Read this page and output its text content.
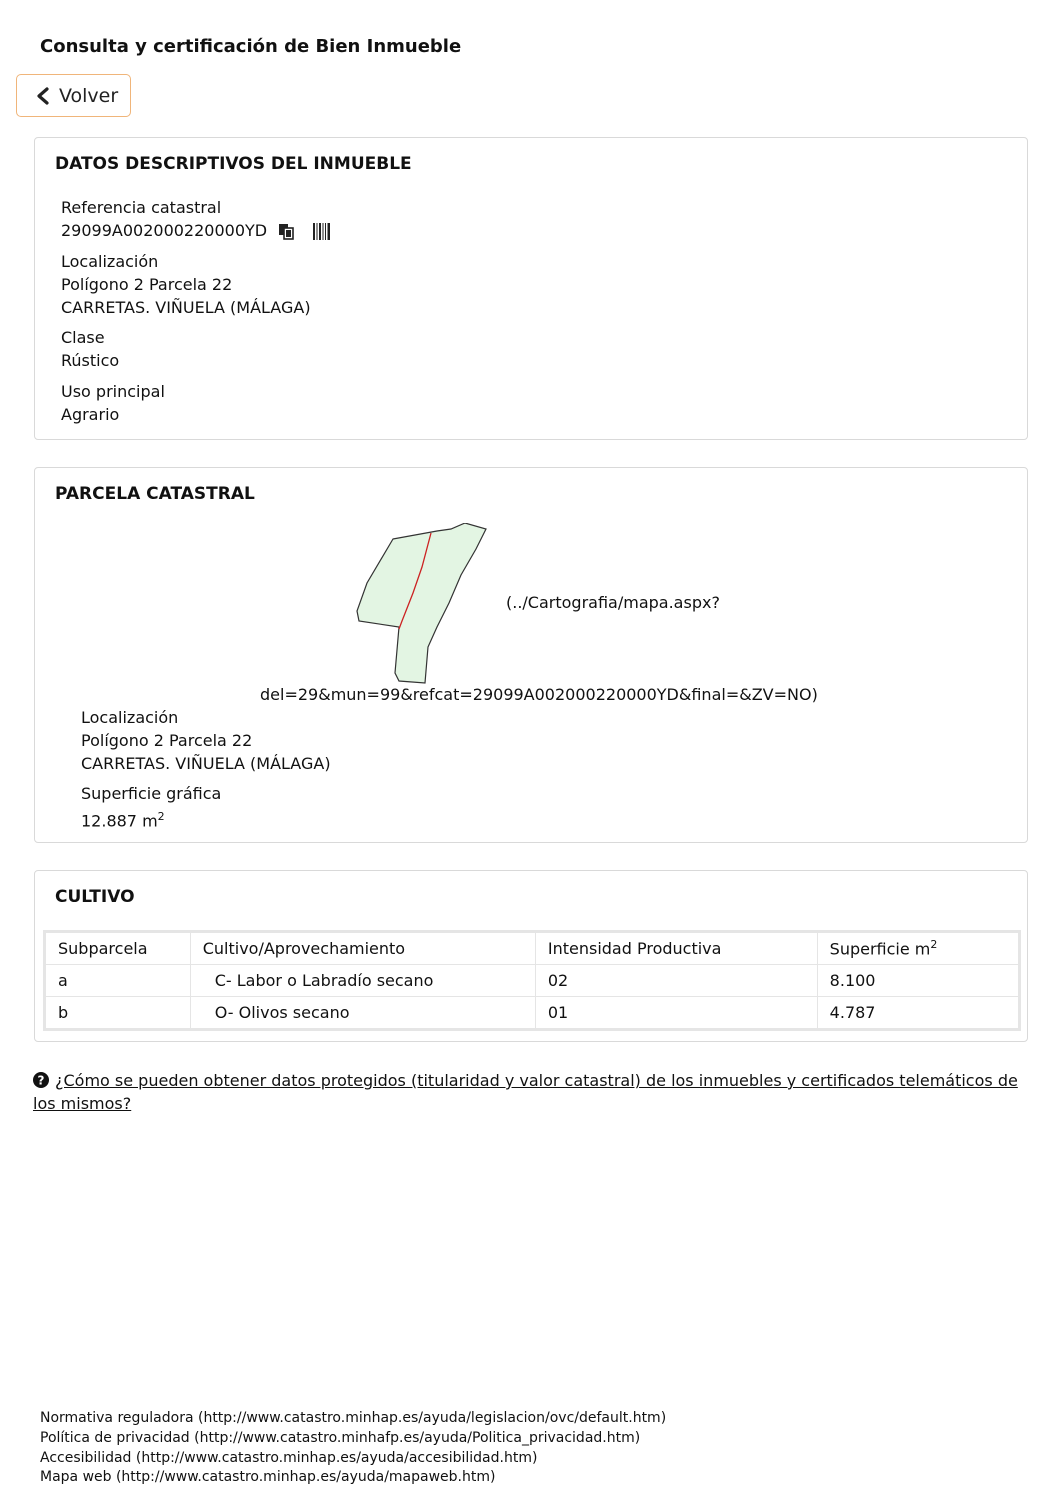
Consulta y certificación de Bien Inmueble
Volver
DATOS DESCRIPTIVOS DEL INMUEBLE
Referencia catastral
29099A002000220000YD
Localización
Polígono 2 Parcela 22
CARRETAS. VIÑUELA (MÁLAGA)
Clase
Rústico
Uso principal
Agrario
PARCELA CATASTRAL
(../Cartografia/mapa.aspx?
del=29&mun=99&refcat=29099A002000220000YD&final=&ZV=NO)
Localización
Polígono 2 Parcela 22
CARRETAS. VIÑUELA (MÁLAGA)
Superficie gráfica
12.887 $m^2$
CULTIVO
Subparcela	Cultivo/Aprovechamiento	Intensidad Productiva	Superficie $m^2$
a	C- Labor o Labradío secano	02	8.100
b	O- Olivos secano	01	4.787
? ¿Cómo se pueden obtener datos protegidos (titularidad y valor catastral) de los inmuebles y certificados telemáticos de los mismos?
Normativa reguladora (http://www.catastro.minhap.es/ayuda/legislacion/ovc/default.htm)
Política de privacidad (http://www.catastro.minhafp.es/ayuda/Politica_privacidad.htm)
Accesibilidad (http://www.catastro.minhap.es/ayuda/accesibilidad.htm)
Mapa web (http://www.catastro.minhap.es/ayuda/mapaweb.htm)
